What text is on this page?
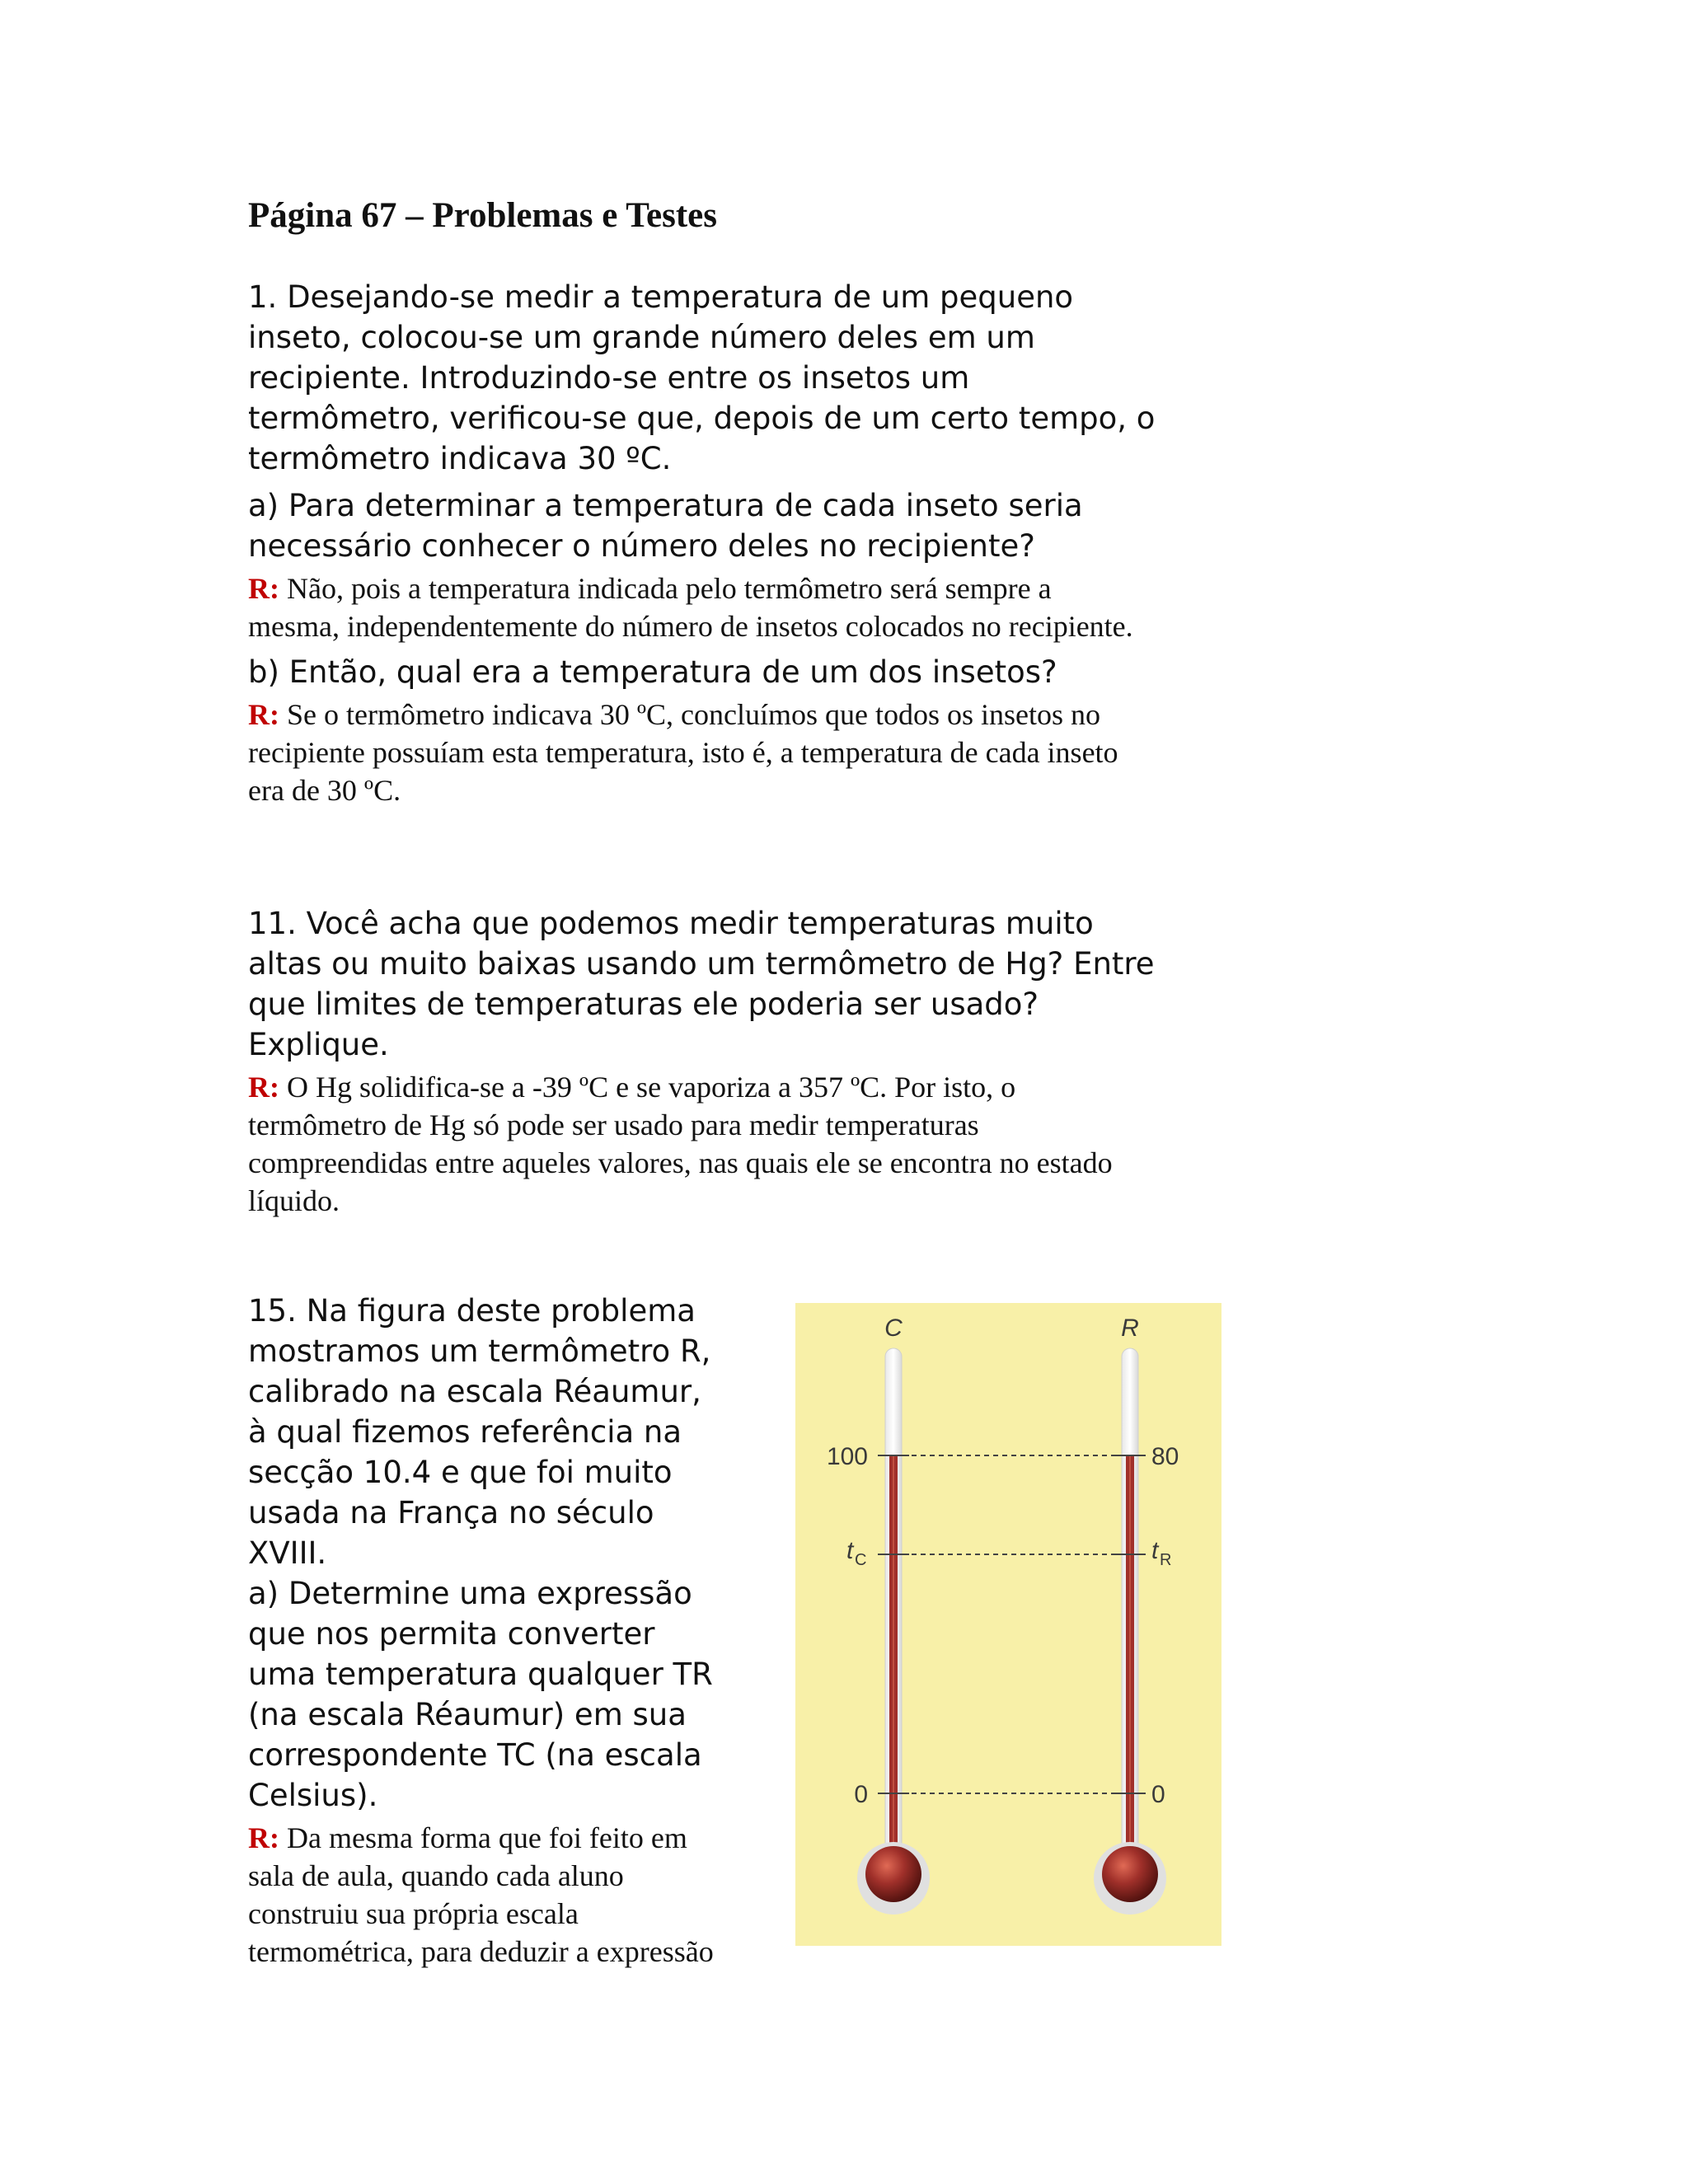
Página 67 – Problemas e Testes

1. Desejando-se medir a temperatura de um pequeno
inseto, colocou-se um grande número deles em um
recipiente. Introduzindo-se entre os insetos um
termômetro, verificou-se que, depois de um certo tempo, o
termômetro indicava 30 ºC.

a) Para determinar a temperatura de cada inseto seria
necessário conhecer o número deles no recipiente?

R: Não, pois a temperatura indicada pelo termômetro será sempre a
mesma, independentemente do número de insetos colocados no recipiente.

b) Então, qual era a temperatura de um dos insetos?

R: Se o termômetro indicava 30 ºC, concluímos que todos os insetos no
recipiente possuíam esta temperatura, isto é, a temperatura de cada inseto
era de 30 ºC.

11. Você acha que podemos medir temperaturas muito
altas ou muito baixas usando um termômetro de Hg? Entre
que limites de temperaturas ele poderia ser usado?
Explique.

R: O Hg solidifica-se a -39 ºC e se vaporiza a 357 ºC. Por isto, o
termômetro de Hg só pode ser usado para medir temperaturas
compreendidas entre aqueles valores, nas quais ele se encontra no estado
líquido.

15. Na figura deste problema
mostramos um termômetro R,
calibrado na escala Réaumur,
à qual fizemos referência na
secção 10.4 e que foi muito
usada na França no século
XVIII.

a) Determine uma expressão
que nos permita converter
uma temperatura qualquer TR
(na escala Réaumur) em sua
correspondente TC (na escala
Celsius).

R: Da mesma forma que foi feito em
sala de aula, quando cada aluno
construiu sua própria escala
termométrica, para deduzir a expressão

C	R
100
t C
0
80
t R
0
